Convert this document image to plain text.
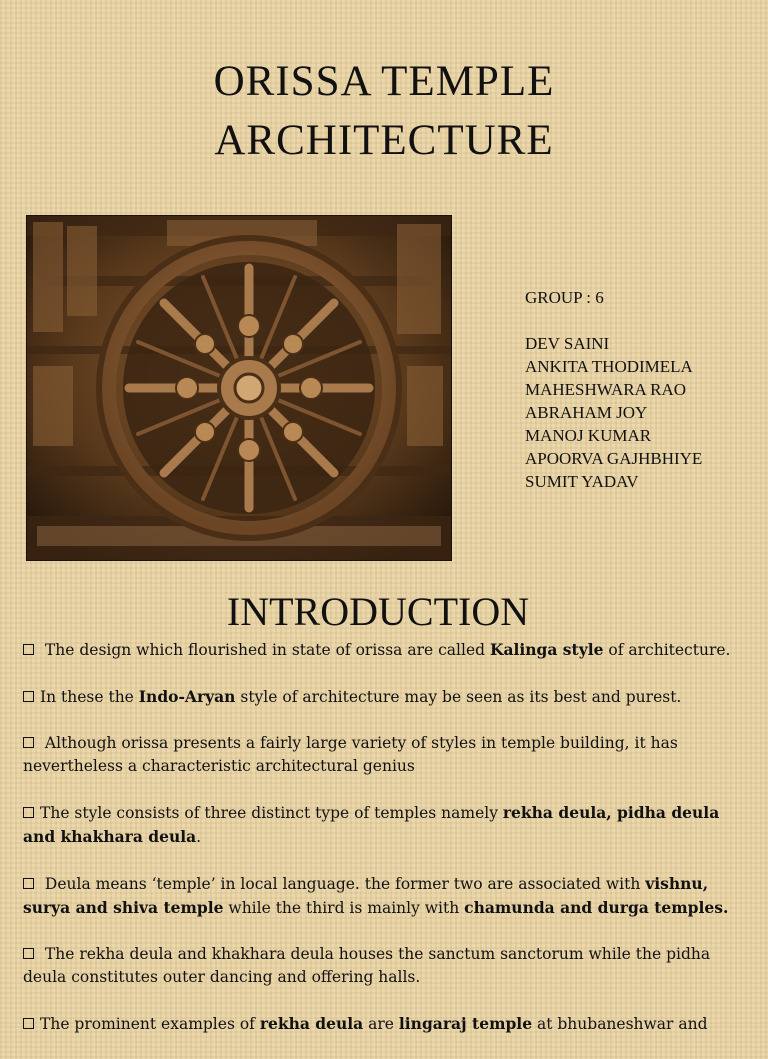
ORISSA TEMPLE
ARCHITECTURE
GROUP : 6
DEV SAINI
ANKITA THODIMELA
MAHESHWARA RAO
ABRAHAM JOY
MANOJ KUMAR
APOORVA GAJHBHIYE
SUMIT YADAV
INTRODUCTION
The design which flourished in state of orissa are called Kalinga style of architecture.
In these the Indo-Aryan style of architecture may be seen as its best and purest.
Although orissa presents a fairly large variety of styles in temple building, it has nevertheless a characteristic architectural genius
The style consists of three distinct type of temples namely rekha deula, pidha deula and khakhara deula.
Deula means ‘temple’ in local language. the former two are associated with vishnu, surya and shiva temple while the third is mainly with chamunda and durga temples.
The rekha deula and khakhara deula houses the sanctum sanctorum while the pidha deula constitutes outer dancing and offering halls.
The prominent examples of rekha deula are lingaraj temple at bhubaneshwar and
